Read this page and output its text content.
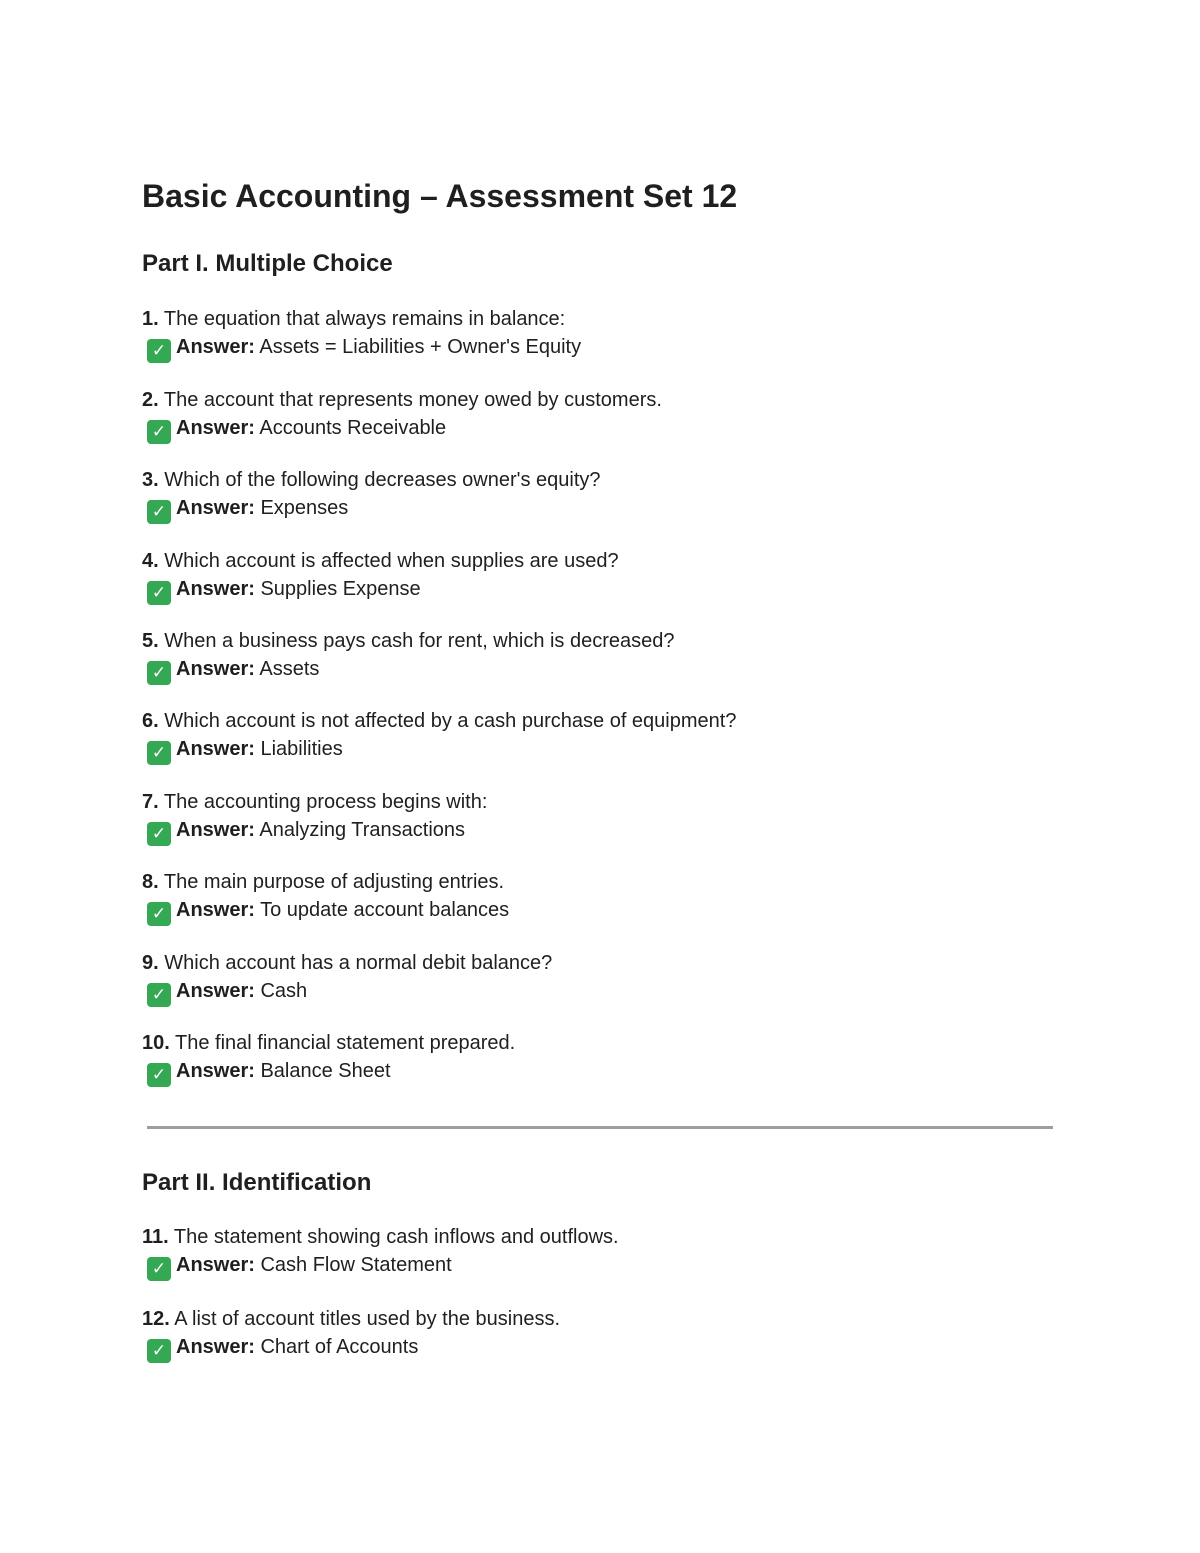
Basic Accounting – Assessment Set 12
Part I. Multiple Choice
1. The equation that always remains in balance:
✓ Answer: Assets = Liabilities + Owner's Equity
2. The account that represents money owed by customers.
✓ Answer: Accounts Receivable
3. Which of the following decreases owner's equity?
✓ Answer: Expenses
4. Which account is affected when supplies are used?
✓ Answer: Supplies Expense
5. When a business pays cash for rent, which is decreased?
✓ Answer: Assets
6. Which account is not affected by a cash purchase of equipment?
✓ Answer: Liabilities
7. The accounting process begins with:
✓ Answer: Analyzing Transactions
8. The main purpose of adjusting entries.
✓ Answer: To update account balances
9. Which account has a normal debit balance?
✓ Answer: Cash
10. The final financial statement prepared.
✓ Answer: Balance Sheet
Part II. Identification
11. The statement showing cash inflows and outflows.
✓ Answer: Cash Flow Statement
12. A list of account titles used by the business.
✓ Answer: Chart of Accounts
